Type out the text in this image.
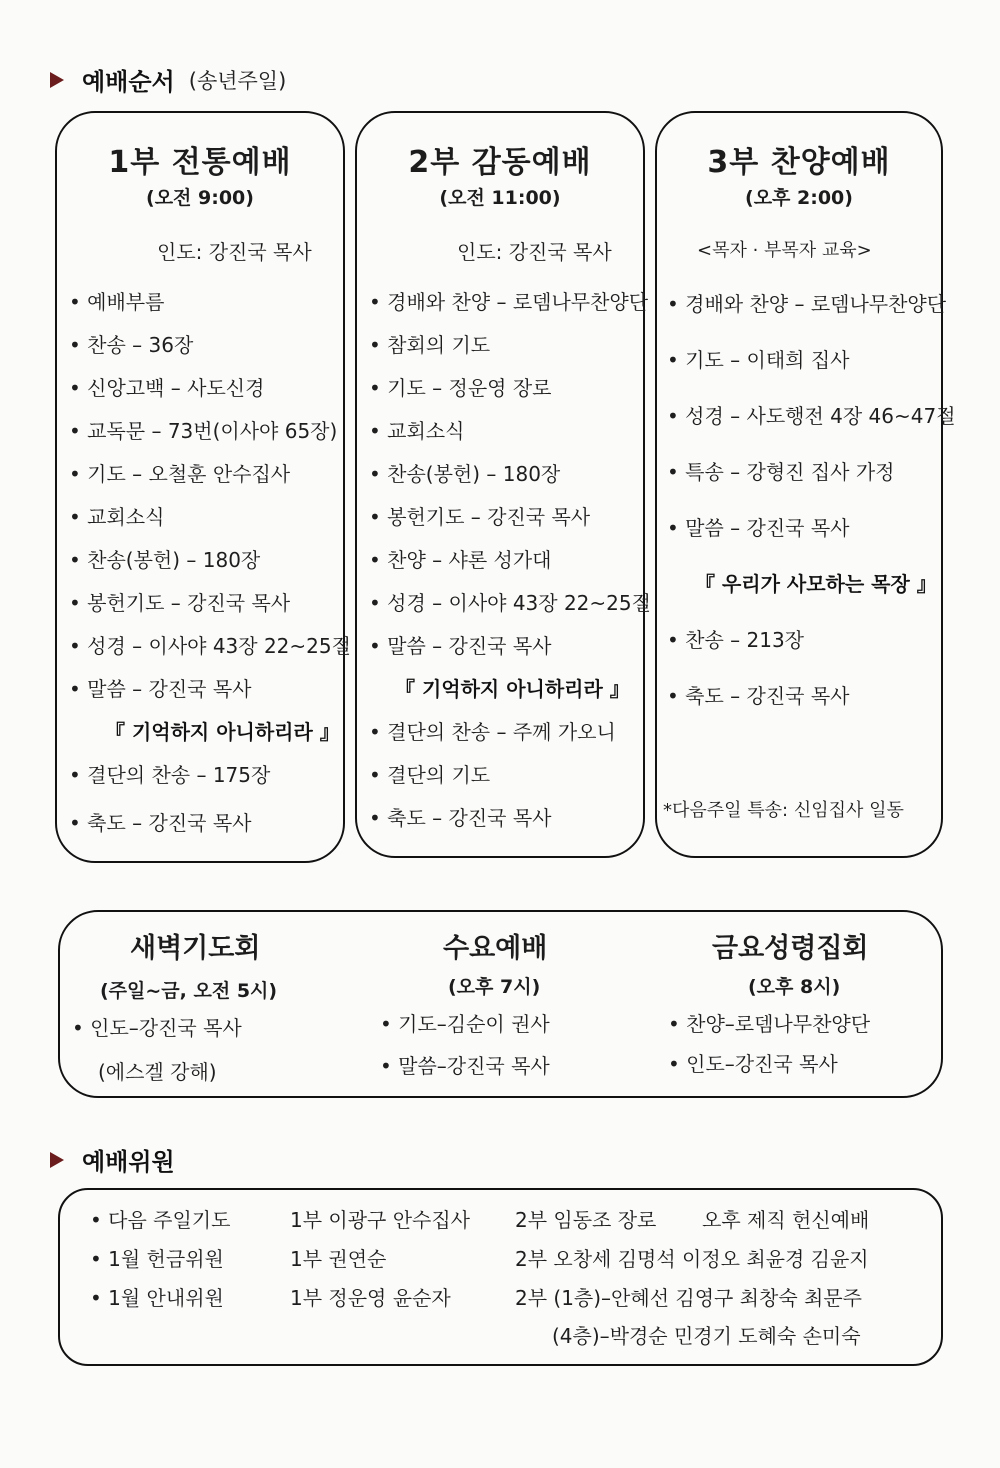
예배순서 (송년주일)
1부 전통예배
(오전 9:00)
인도: 강진국 목사
• 예배부름
• 찬송 – 36장
• 신앙고백 – 사도신경
• 교독문 – 73번(이사야 65장)
• 기도 – 오철훈 안수집사
• 교회소식
• 찬송(봉헌) – 180장
• 봉헌기도 – 강진국 목사
• 성경 – 이사야 43장 22~25절
• 말씀 – 강진국 목사
『 기억하지 아니하리라 』
• 결단의 찬송 – 175장
• 축도 – 강진국 목사
2부 감동예배
(오전 11:00)
인도: 강진국 목사
• 경배와 찬양 – 로뎀나무찬양단
• 참회의 기도
• 기도 – 정운영 장로
• 교회소식
• 찬송(봉헌) – 180장
• 봉헌기도 – 강진국 목사
• 찬양 – 샤론 성가대
• 성경 – 이사야 43장 22~25절
• 말씀 – 강진국 목사
『 기억하지 아니하리라 』
• 결단의 찬송 – 주께 가오니
• 결단의 기도
• 축도 – 강진국 목사
3부 찬양예배
(오후 2:00)
<목자 · 부목자 교육>
• 경배와 찬양 – 로뎀나무찬양단
• 기도 – 이태희 집사
• 성경 – 사도행전 4장 46~47절
• 특송 – 강형진 집사 가정
• 말씀 – 강진국 목사
『 우리가 사모하는 목장 』
• 찬송 – 213장
• 축도 – 강진국 목사
*다음주일 특송: 신임집사 일동
새벽기도회
(주일~금, 오전 5시)
• 인도–강진국 목사
(에스겔 강해)
수요예배
(오후 7시)
• 기도–김순이 권사
• 말씀–강진국 목사
금요성령집회
(오후 8시)
• 찬양–로뎀나무찬양단
• 인도–강진국 목사
예배위원
• 다음 주일기도	1부 이광구 안수집사 2부 임동조 장로 오후 제직 헌신예배
• 1월 헌금위원	1부 권연순	2부 오창세 김명석 이정오 최윤경 김윤지
• 1월 안내위원	1부 정운영 윤순자	2부 (1층)–안혜선 김영구 최창숙 최문주
(4층)–박경순 민경기 도혜숙 손미숙
